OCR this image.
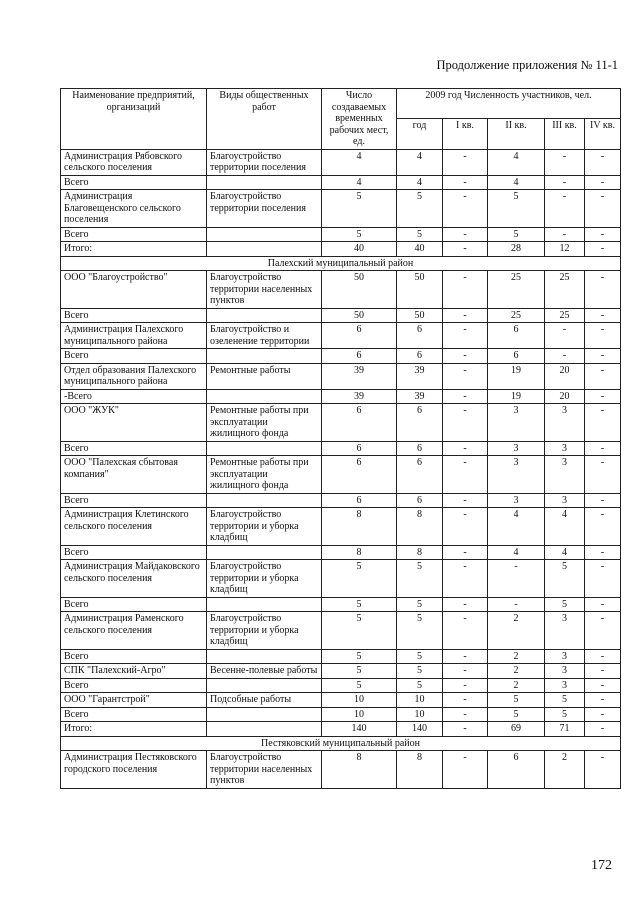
Продолжение приложения № 11-1
Наименование предприятий, организаций	Виды общественных работ	Число создаваемых временных рабочих мест, ед.	2009 год Численность участников, чел.				
			год	I кв.	II кв.	III кв.	IV кв.
Администрация Рябовского сельского поселения	Благоустройство территории поселения	4	4	-	4	-	-
Всего		4	4	-	4	-	-
Администрация Благовещенского сельского поселения	Благоустройство территории поселения	5	5	-	5	-	-
Всего		5	5	-	5	-	-
Итого:		40	40	-	28	12	-
Палехский муниципальный район							
ООО "Благоустройство"	Благоустройство территории населенных пунктов	50	50	-	25	25	-
Всего		50	50	-	25	25	-
Администрация Палехского муниципального района	Благоустройство и озеленение территории	6	6	-	6	-	-
Всего		6	6	-	6	-	-
Отдел образования Палехского муниципального района	Ремонтные работы	39	39	-	19	20	-
-Всего		39	39	-	19	20	-
ООО "ЖУК"	Ремонтные работы при эксплуатации жилищного фонда	6	6	-	3	3	-
Всего		6	6	-	3	3	-
ООО "Палехская сбытовая компания"	Ремонтные работы при эксплуатации жилищного фонда	6	6	-	3	3	-
Всего		6	6	-	3	3	-
Администрация Клетинского сельского поселения	Благоустройство территории и уборка кладбищ	8	8	-	4	4	-
Всего		8	8	-	4	4	-
Администрация Майдаковского сельского поселения	Благоустройство территории и уборка кладбищ	5	5	-	-	5	-
Всего		5	5	-	-	5	-
Администрация Раменского сельского поселения	Благоустройство территории и уборка кладбищ	5	5	-	2	3	-
Всего		5	5	-	2	3	-
СПК "Палехский-Агро"	Весенне-полевые работы	5	5	-	2	3	-
Всего		5	5	-	2	3	-
ООО "Гарантстрой"	Подсобные работы	10	10	-	5	5	-
Всего		10	10	-	5	5	-
Итого:		140	140	-	69	71	-
Пестяковский муниципальный район							
Администрация Пестяковского городского поселения	Благоустройство территории населенных пунктов	8	8	-	6	2	-
172
